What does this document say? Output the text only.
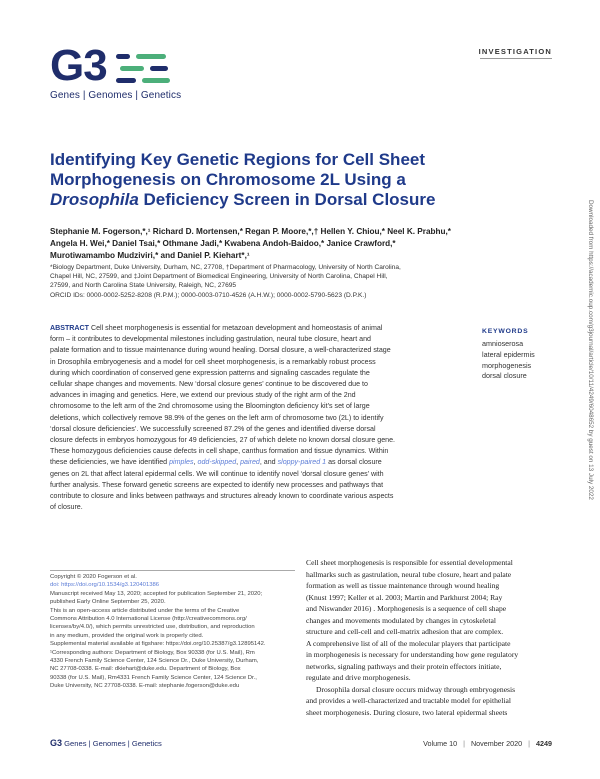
G3
Genes | Genomes | Genetics
INVESTIGATION
Identifying Key Genetic Regions for Cell Sheet
Morphogenesis on Chromosome 2L Using a
Drosophila Deficiency Screen in Dorsal Closure
Stephanie M. Fogerson,*,¹ Richard D. Mortensen,* Regan P. Moore,*,† Hellen Y. Chiou,* Neel K. Prabhu,*
Angela H. Wei,* Daniel Tsai,* Othmane Jadi,* Kwabena Andoh-Baidoo,* Janice Crawford,*
Murotiwamambo Mudziviri,* and Daniel P. Kiehart*,¹
*Biology Department, Duke University, Durham, NC, 27708, †Department of Pharmacology, University of North Carolina,
Chapel Hill, NC, 27599, and ‡Joint Department of Biomedical Engineering, University of North Carolina, Chapel Hill,
27599, and North Carolina State University, Raleigh, NC, 27695
ORCID IDs: 0000-0002-5252-8208 (R.P.M.); 0000-0003-0710-4526 (A.H.W.); 0000-0002-5790-5623 (D.P.K.)
ABSTRACT Cell sheet morphogenesis is essential for metazoan development and homeostasis of animal
form – it contributes to developmental milestones including gastrulation, neural tube closure, heart and
palate formation and to tissue maintenance during wound healing. Dorsal closure, a well-characterized stage
in Drosophila embryogenesis and a model for cell sheet morphogenesis, is a remarkably robust process
during which coordination of conserved gene expression patterns and signaling cascades regulate the
cellular shape changes and movements. New ‘dorsal closure genes’ continue to be discovered due to
advances in imaging and genetics. Here, we extend our previous study of the right arm of the 2nd
chromosome to the left arm of the 2nd chromosome using the Bloomington deficiency kit’s set of large
deletions, which collectively remove 98.9% of the genes on the left arm of chromosome two (2L) to identify
‘dorsal closure deficiencies’. We successfully screened 87.2% of the genes and identified diverse dorsal
closure defects in embryos homozygous for 49 deficiencies, 27 of which delete no known dorsal closure gene.
These homozygous deficiencies cause defects in cell shape, canthus formation and tissue dynamics. Within
these deficiencies, we have identified pimples, odd-skipped, paired, and sloppy-paired 1 as dorsal closure
genes on 2L that affect lateral epidermal cells. We will continue to identify novel ‘dorsal closure genes’ with
further analysis. These forward genetic screens are expected to identify new processes and pathways that
contribute to closure and links between pathways and structures already known to coordinate various aspects
of closure.
KEYWORDS
amnioserosa
lateral epidermis
morphogenesis
dorsal closure	Downloaded from https://academic.oup.com/g3journal/article/10/11/4249/6048652 by guest on 13 July 2022
Copyright © 2020 Fogerson et al.
doi: https://doi.org/10.1534/g3.120401386
Manuscript received May 13, 2020; accepted for publication September 21, 2020;
published Early Online September 25, 2020.
This is an open-access article distributed under the terms of the Creative
Commons Attribution 4.0 International License (http://creativecommons.org/
licenses/by/4.0/), which permits unrestricted use, distribution, and reproduction
in any medium, provided the original work is properly cited.
Supplemental material available at figshare: https://doi.org/10.25387/g3.12895142.
¹Corresponding authors: Department of Biology, Box 90338 (for U.S. Mail), Rm
4330 French Family Science Center, 124 Science Dr., Duke University, Durham,
NC 27708-0338. E-mail: dkiehart@duke.edu. Department of Biology, Box
90338 (for U.S. Mail), Rm4331 French Family Science Center, 124 Science Dr.,
Duke University, NC 27708-0338. E-mail: stephanie.fogerson@duke.edu
Cell sheet morphogenesis is responsible for essential developmental
hallmarks such as gastrulation, neural tube closure, heart and palate
formation as well as tissue maintenance through wound healing
(Knust 1997; Keller et al. 2003; Martin and Parkhurst 2004; Ray
and Niswander 2016) . Morphogenesis is a sequence of cell shape
changes and movements modulated by changes in cytoskeletal
structure and cell-cell and cell-matrix adhesion that are complex.
A comprehensive list of all of the molecular players that participate
in morphogenesis is necessary for understanding how gene regulatory
networks, signaling pathways and their protein effectors initiate,
regulate and drive morphogenesis.
Drosophila dorsal closure occurs midway through embryogenesis
and provides a well-characterized and tractable model for epithelial
sheet morphogenesis. During closure, two lateral epidermal sheets
G3 Genes | Genomes | Genetics	Volume 10 | November 2020 | 4249
